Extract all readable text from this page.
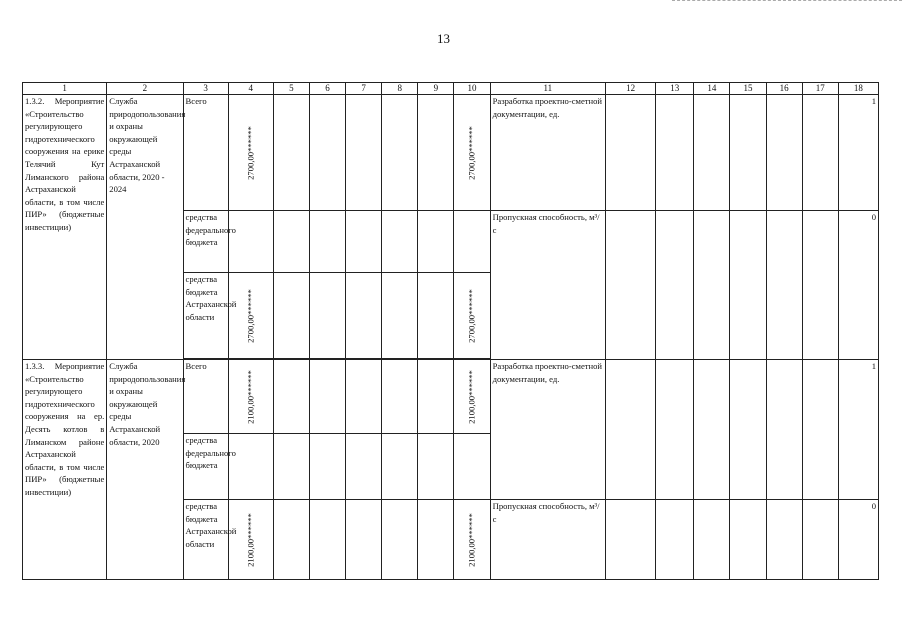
13
1	2	3	4	5	6	7	8	9	10	11	12	13	14	15	16	17	18
1.3.2. Мероприятие «Строительство регулирующего гидротехнического сооружения на ерике Телячий Кут Лиманского района Астраханской области, в том числе ПИР» (бюджетные инвестиции)	Служба природопользования и охраны окружающей среды Астраханской области, 2020 - 2024	Всего	2700,00******						2700,00******	Разработка проектно-сметной документации, ед.							1

		средства федерального бюджета								Пропускная способность, м³/с							0
		средства бюджета Астраханской области	2700,00******						2700,00******								

1.3.3. Мероприятие «Строительство регулирующего гидротехнического сооружения на ер. Десять котлов в Лиманском районе Астраханской области, в том числе ПИР» (бюджетные инвестиции)	Служба природопользования и охраны окружающей среды Астраханской области, 2020	Всего	2100,00******						2100,00******	Разработка проектно-сметной документации, ед.							1
		средства федерального бюджета									

		средства бюджета Астраханской области	2100,00******						2100,00******	Пропускная способность, м³/с							0
